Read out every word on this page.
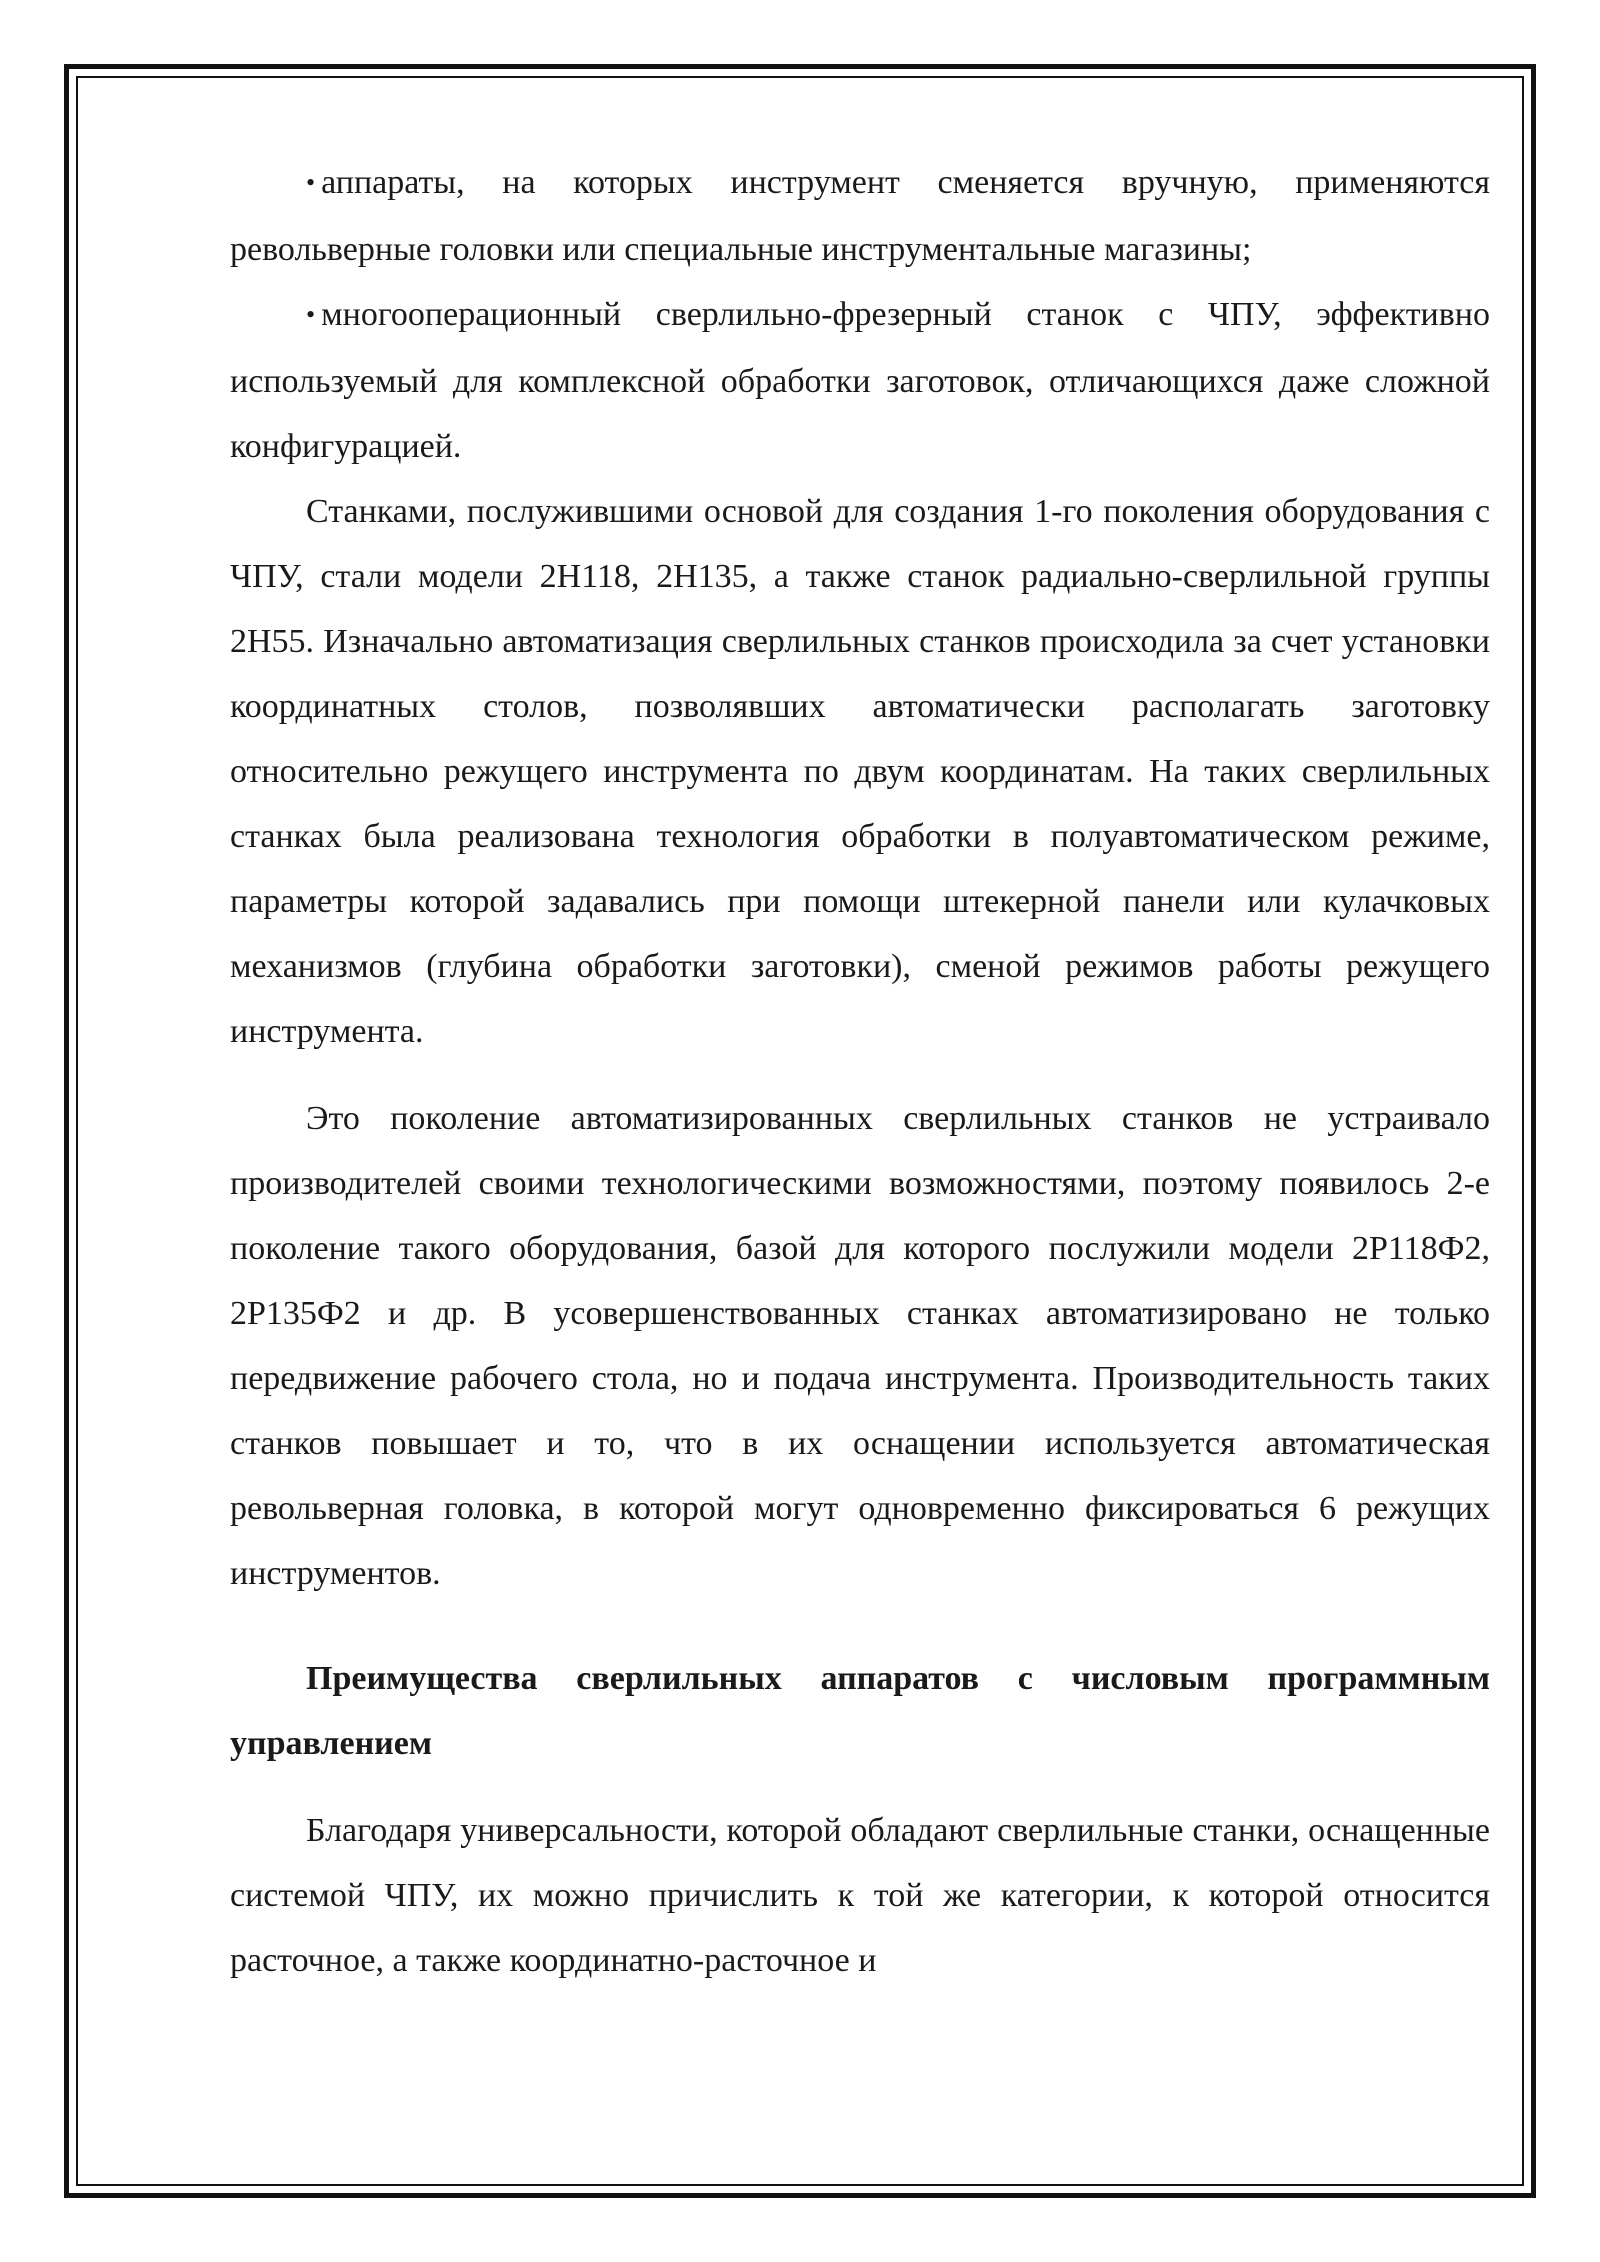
• аппараты, на которых инструмент сменяется вручную, применяются револьверные головки или специальные инструментальные магазины;

• многооперационный сверлильно-фрезерный станок с ЧПУ, эффективно используемый для комплексной обработки заготовок, отличающихся даже сложной конфигурацией.

Станками, послужившими основой для создания 1-го поколения оборудования с ЧПУ, стали модели 2Н118, 2Н135, а также станок радиально-сверлильной группы 2Н55. Изначально автоматизация сверлильных станков происходила за счет установки координатных столов, позволявших автоматически располагать заготовку относительно режущего инструмента по двум координатам. На таких сверлильных станках была реализована технология обработки в полуавтоматическом режиме, параметры которой задавались при помощи штекерной панели или кулачковых механизмов (глубина обработки заготовки), сменой режимов работы режущего инструмента.

Это поколение автоматизированных сверлильных станков не устраивало производителей своими технологическими возможностями, поэтому появилось 2-е поколение такого оборудования, базой для которого послужили модели 2Р118Ф2, 2Р135Ф2 и др. В усовершенствованных станках автоматизировано не только передвижение рабочего стола, но и подача инструмента. Производительность таких станков повышает и то, что в их оснащении используется автоматическая револьверная головка, в которой могут одновременно фиксироваться 6 режущих инструментов.

Преимущества сверлильных аппаратов с числовым программным управлением

Благодаря универсальности, которой обладают сверлильные станки, оснащенные системой ЧПУ, их можно причислить к той же категории, к которой относится расточное, а также координатно-расточное и
